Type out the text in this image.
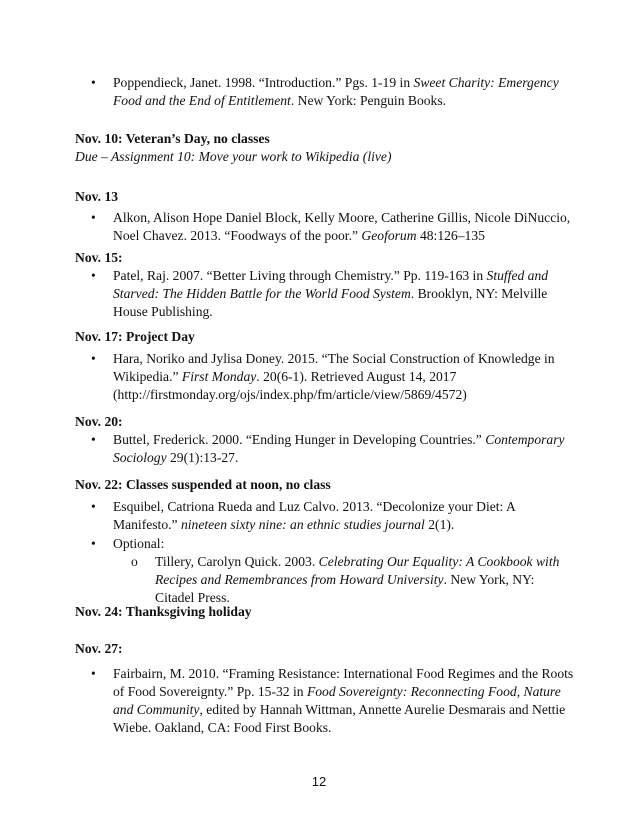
• Poppendieck, Janet. 1998. “Introduction.” Pgs. 1-19 in Sweet Charity: Emergency Food and the End of Entitlement. New York: Penguin Books.
Nov. 10: Veteran’s Day, no classes
Due – Assignment 10: Move your work to Wikipedia (live)
Nov. 13
• Alkon, Alison Hope Daniel Block, Kelly Moore, Catherine Gillis, Nicole DiNuccio, Noel Chavez. 2013. “Foodways of the poor.” Geoforum 48:126–135
Nov. 15:
• Patel, Raj. 2007. “Better Living through Chemistry.” Pp. 119-163 in Stuffed and Starved: The Hidden Battle for the World Food System. Brooklyn, NY: Melville House Publishing.
Nov. 17: Project Day
• Hara, Noriko and Jylisa Doney. 2015. “The Social Construction of Knowledge in Wikipedia.” First Monday. 20(6-1). Retrieved August 14, 2017 (http://firstmonday.org/ojs/index.php/fm/article/view/5869/4572)
Nov. 20:
• Buttel, Frederick. 2000. “Ending Hunger in Developing Countries.” Contemporary Sociology 29(1):13-27.
Nov. 22: Classes suspended at noon, no class
• Esquibel, Catriona Rueda and Luz Calvo. 2013. “Decolonize your Diet: A Manifesto.” nineteen sixty nine: an ethnic studies journal 2(1).
• Optional:
o Tillery, Carolyn Quick. 2003. Celebrating Our Equality: A Cookbook with Recipes and Remembrances from Howard University. New York, NY: Citadel Press.
Nov. 24: Thanksgiving holiday
Nov. 27:
• Fairbairn, M. 2010. “Framing Resistance: International Food Regimes and the Roots of Food Sovereignty.” Pp. 15-32 in Food Sovereignty: Reconnecting Food, Nature and Community, edited by Hannah Wittman, Annette Aurelie Desmarais and Nettie Wiebe. Oakland, CA: Food First Books.
12
